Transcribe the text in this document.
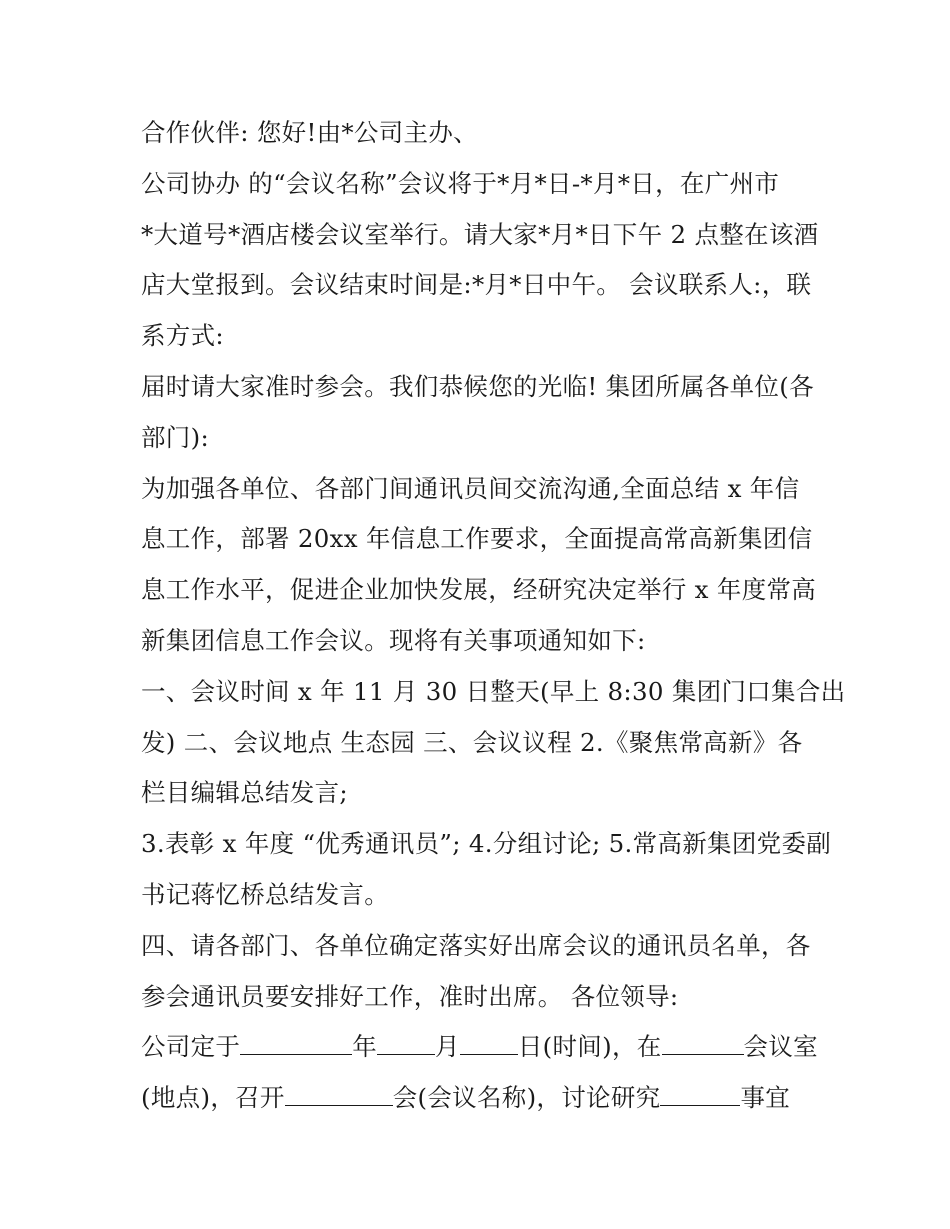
合作伙伴: 您好!由*公司主办、
公司协办 的“会议名称”会议将于*月*日-*月*日，在广州市
*大道号*酒店楼会议室举行。请大家*月*日下午 2 点整在该酒
店大堂报到。会议结束时间是:*月*日中午。 会议联系人:，联
系方式:
届时请大家准时参会。我们恭候您的光临! 集团所属各单位(各
部门):
为加强各单位、各部门间通讯员间交流沟通,全面总结 x 年信
息工作，部署 20xx 年信息工作要求，全面提高常高新集团信
息工作水平，促进企业加快发展，经研究决定举行 x 年度常高
新集团信息工作会议。现将有关事项通知如下:
一、会议时间 x 年 11 月 30 日整天(早上 8:30 集团门口集合出
发) 二、会议地点 生态园 三、会议议程 2.《聚焦常高新》各
栏目编辑总结发言;
3.表彰 x 年度 “优秀通讯员”; 4.分组讨论; 5.常高新集团党委副
书记蒋忆桥总结发言。
四、请各部门、各单位确定落实好出席会议的通讯员名单，各
参会通讯员要安排好工作，准时出席。 各位领导:
公司定于	年 月 日(时间)，在	会议室
(地点)，召开	会(会议名称)，讨论研究	事宜
